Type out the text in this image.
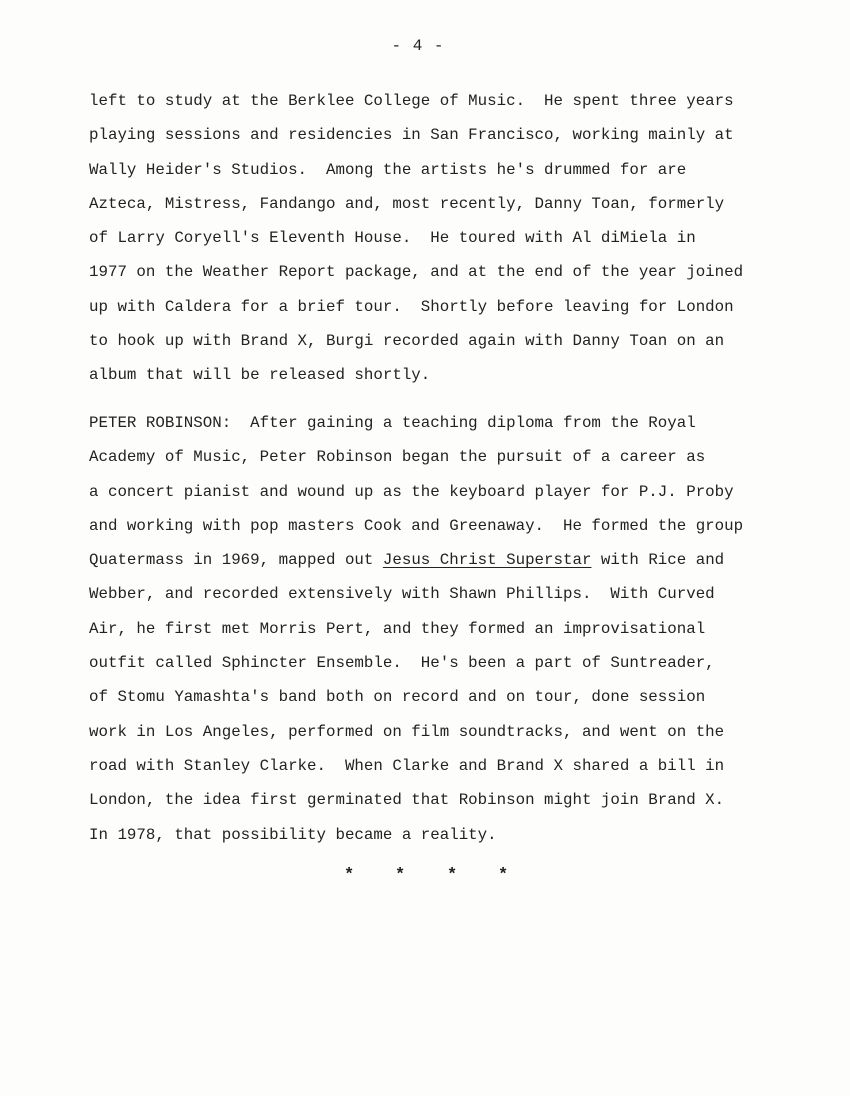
- 4 -
left to study at the Berklee College of Music.  He spent three years
playing sessions and residencies in San Francisco, working mainly at
Wally Heider's Studios.  Among the artists he's drummed for are
Azteca, Mistress, Fandango and, most recently, Danny Toan, formerly
of Larry Coryell's Eleventh House.  He toured with Al diMiela in
1977 on the Weather Report package, and at the end of the year joined
up with Caldera for a brief tour.  Shortly before leaving for London
to hook up with Brand X, Burgi recorded again with Danny Toan on an
album that will be released shortly.
PETER ROBINSON:  After gaining a teaching diploma from the Royal
Academy of Music, Peter Robinson began the pursuit of a career as
a concert pianist and wound up as the keyboard player for P.J. Proby
and working with pop masters Cook and Greenaway.  He formed the group
Quatermass in 1969, mapped out Jesus Christ Superstar with Rice and
Webber, and recorded extensively with Shawn Phillips.  With Curved
Air, he first met Morris Pert, and they formed an improvisational
outfit called Sphincter Ensemble.  He's been a part of Suntreader,
of Stomu Yamashta's band both on record and on tour, done session
work in Los Angeles, performed on film soundtracks, and went on the
road with Stanley Clarke.  When Clarke and Brand X shared a bill in
London, the idea first germinated that Robinson might join Brand X.
In 1978, that possibility became a reality.
* * * *
